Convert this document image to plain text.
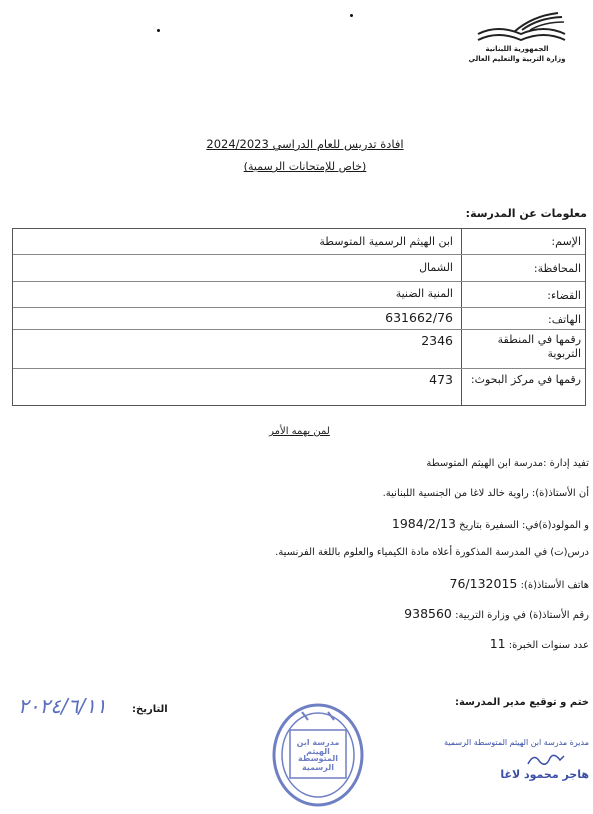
الجمهورية اللبنانية
وزارة التربية والتعليم العالي
افادة تدريس للعام الدراسي 2024/2023
(خاص للإمتحانات الرسمية)
معلومات عن المدرسة:
الإسم:
ابن الهيثم الرسمية المتوسطة
المحافظة:
الشمال
القضاء:
المنية الضنية
الهاتف:
631662/76
رقمها في المنطقة التربوية
2346
رقمها في مركز البحوث:
473
لمن يهمه الأمر
تفيد إدارة :مدرسة ابن الهيثم المتوسطة
أن الأستاذ(ة): راوية خالد لاغا من الجنسية اللبنانية.
1984/2/13 و المولود(ة)في: السفيرة بتاريخ
درس(ت) في المدرسة المذكورة أعلاه مادة الكيمياء والعلوم باللغة الفرنسية.
76/132015 هاتف الأستاذ(ة):
938560 رقم الأستاذ(ة) في وزارة التربية:
11 عدد سنوات الخبرة:
التاريخ:
٢٠٢٤/٦/١١	ختم و توقيع مدير المدرسة:
مدرسة ابن الهيثم
المتوسطة الرسمية
مديرة مدرسة ابن الهيثم المتوسطة الرسمية
هاجر محمود لاغا
